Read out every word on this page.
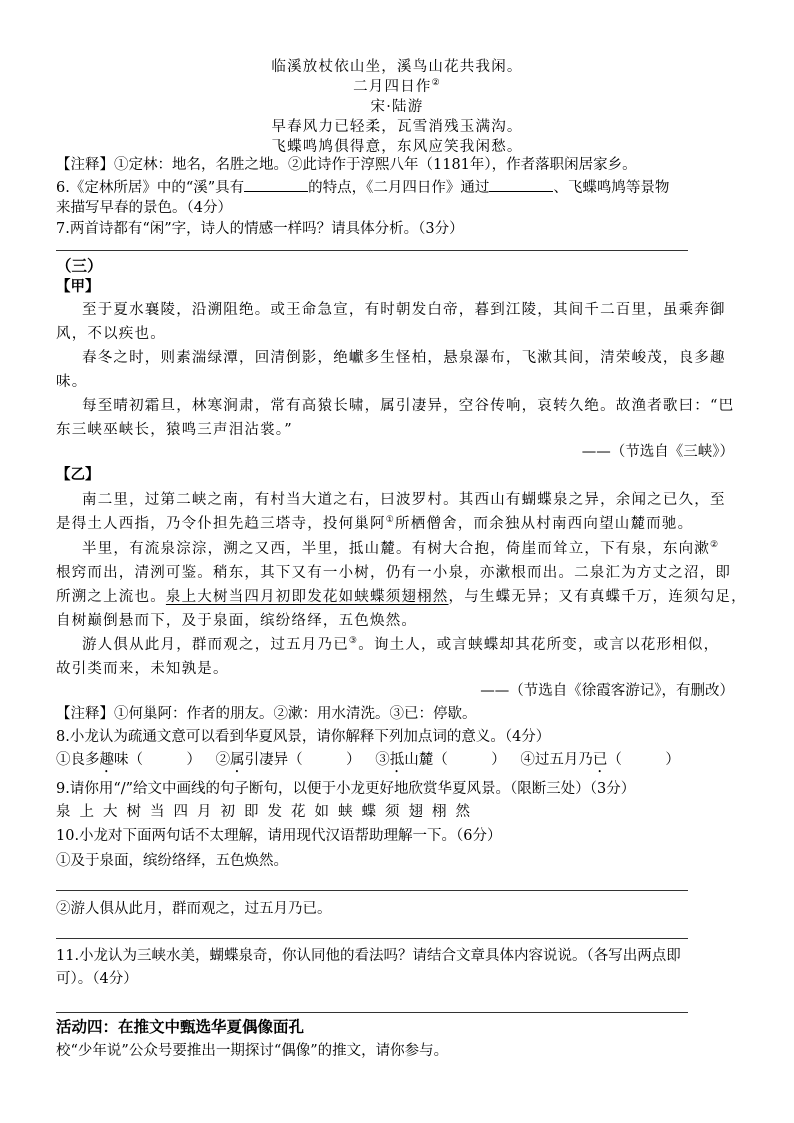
临溪放杖依山坐，溪鸟山花共我闲。
二月四日作②
宋·陆游
早春风力已轻柔，瓦雪消残玉满沟。
飞蝶鸣鸠俱得意，东风应笑我闲愁。
【注释】①定林：地名，名胜之地。②此诗作于淳熙八年（1181年），作者落职闲居家乡。
6.《定林所居》中的“溪”具有	的特点，《二月四日作》通过	、飞蝶鸣鸠等景物
来描写早春的景色。（4分）
7.两首诗都有“闲”字，诗人的情感一样吗？请具体分析。（3分）
（三）
【甲】
至于夏水襄陵，沿溯阻绝。或王命急宣，有时朝发白帝，暮到江陵，其间千二百里，虽乘奔御
风，不以疾也。
春冬之时，则素湍绿潭，回清倒影，绝巘多生怪柏，悬泉瀑布，飞漱其间，清荣峻茂，良多趣
味。
每至晴初霜旦，林寒涧肃，常有高猿长啸，属引凄异，空谷传响，哀转久绝。故渔者歌曰：“巴
东三峡巫峡长，猿鸣三声泪沾裳。”
——（节选自《三峡》）
【乙】
南二里，过第二峡之南，有村当大道之右，曰波罗村。其西山有蝴蝶泉之异，余闻之已久，至
是得土人西指，乃令仆担先趋三塔寺，投何巢阿①所栖僧舍，而余独从村南西向望山麓而驰。
半里，有流泉淙淙，溯之又西，半里，抵山麓。有树大合抱，倚崖而耸立，下有泉，东向漱②
根窍而出，清洌可鉴。稍东，其下又有一小树，仍有一小泉，亦漱根而出。二泉汇为方丈之沼，即
所溯之上流也。泉上大树当四月初即发花如蛱蝶须翅栩然，与生蝶无异；又有真蝶千万，连须勾足，
自树巅倒悬而下，及于泉面，缤纷络绎，五色焕然。
游人俱从此月，群而观之，过五月乃已③。询土人，或言蛱蝶却其花所变，或言以花形相似，
故引类而来，未知孰是。
——（节选自《徐霞客游记》，有删改）
【注释】①何巢阿：作者的朋友。②漱：用水清洗。③已：停歇。
8.小龙认为疏通文意可以看到华夏风景，请你解释下列加点词的意义。（4分）
①良多趣味（　　　） ②属引凄异（　　　） ③抵山麓（　　　） ④过五月乃已（　　　）
9.请你用“/”给文中画线的句子断句，以便于小龙更好地欣赏华夏风景。（限断三处）（3分）
泉上大树当四月初即发花如蛱蝶须翅栩然
10.小龙对下面两句话不太理解，请用现代汉语帮助理解一下。（6分）
①及于泉面，缤纷络绎，五色焕然。
②游人俱从此月，群而观之，过五月乃已。
11.小龙认为三峡水美，蝴蝶泉奇，你认同他的看法吗？请结合文章具体内容说说。（各写出两点即
可）。（4分）
活动四：在推文中甄选华夏偶像面孔
校“少年说”公众号要推出一期探讨“偶像”的推文，请你参与。
